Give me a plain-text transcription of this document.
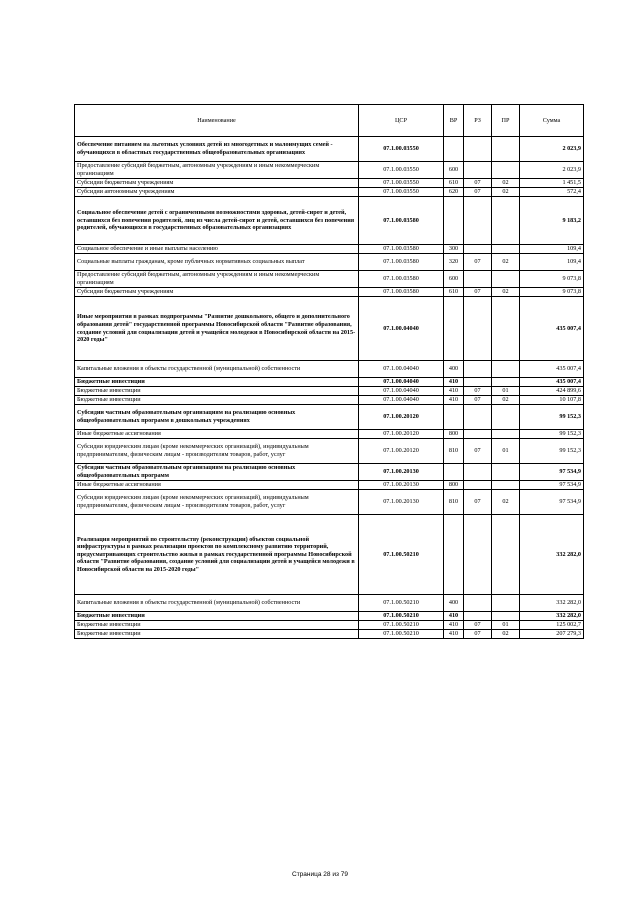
Наименование	ЦСР	ВР	РЗ	ПР	Сумма
Обеспечение питанием на льготных условиях детей из многодетных и малоимущих семей - обучающихся в областных государственных общеобразовательных организациях	07.1.00.03550				2 023,9
Предоставление субсидий бюджетным, автономным учреждениям и иным некоммерческим организациям	07.1.00.03550	600			2 023,9
Субсидии бюджетным учреждениям	07.1.00.03550	610	07	02	1 451,5
Субсидии автономным учреждениям	07.1.00.03550	620	07	02	572,4
Социальное обеспечение детей с ограниченными возможностями здоровья, детей-сирот и детей, оставшихся без попечения родителей, лиц из числа детей-сирот и детей, оставшихся без попечения родителей, обучающихся в государственных образовательных организациях	07.1.00.03580				9 183,2
Социальное обеспечение и иные выплаты населению	07.1.00.03580	300			109,4
Социальные выплаты гражданам, кроме публичных нормативных социальных выплат	07.1.00.03580	320	07	02	109,4
Предоставление субсидий бюджетным, автономным учреждениям и иным некоммерческим организациям	07.1.00.03580	600			9 073,8
Субсидии бюджетным учреждениям	07.1.00.03580	610	07	02	9 073,8
Иные мероприятия в рамках подпрограммы "Развитие дошкольного, общего и дополнительного образования детей" государственной программы Новосибирской области "Развитие образования, создание условий для социализации детей и учащейся молодежи в Новосибирской области на 2015-2020 годы"	07.1.00.04040				435 007,4
Капитальные вложения в объекты государственной (муниципальной) собственности	07.1.00.04040	400			435 007,4
Бюджетные инвестиции	07.1.00.04040	410			435 007,4
Бюджетные инвестиции	07.1.00.04040	410	07	01	424 899,6
Бюджетные инвестиции	07.1.00.04040	410	07	02	10 107,8
Субсидии частным образовательным организациям на реализацию основных общеобразовательных программ в дошкольных учреждениях	07.1.00.20120				99 152,3
Иные бюджетные ассигнования	07.1.00.20120	800			99 152,3
Субсидии юридическим лицам (кроме некоммерческих организаций), индивидуальным предпринимателям, физическим лицам - производителям товаров, работ, услуг	07.1.00.20120	810	07	01	99 152,3
Субсидии частным образовательным организациям на реализацию основных общеобразовательных программ	07.1.00.20130				97 534,9
Иные бюджетные ассигнования	07.1.00.20130	800			97 534,9
Субсидии юридическим лицам (кроме некоммерческих организаций), индивидуальным предпринимателям, физическим лицам - производителям товаров, работ, услуг	07.1.00.20130	810	07	02	97 534,9
Реализация мероприятий по строительству (реконструкции) объектов социальной инфраструктуры в рамках реализации проектов по комплексному развитию территорий, предусматривающих строительство жилья в рамках государственной программы Новосибирской области "Развитие образования, создание условий для социализации детей и учащейся молодежи в Новосибирской области на 2015-2020 годы"	07.1.00.50210				332 282,0
Капитальные вложения в объекты государственной (муниципальной) собственности	07.1.00.50210	400			332 282,0
Бюджетные инвестиции	07.1.00.50210	410			332 282,0
Бюджетные инвестиции	07.1.00.50210	410	07	01	125 002,7
Бюджетные инвестиции	07.1.00.50210	410	07	02	207 279,3
Страница 28 из 79
